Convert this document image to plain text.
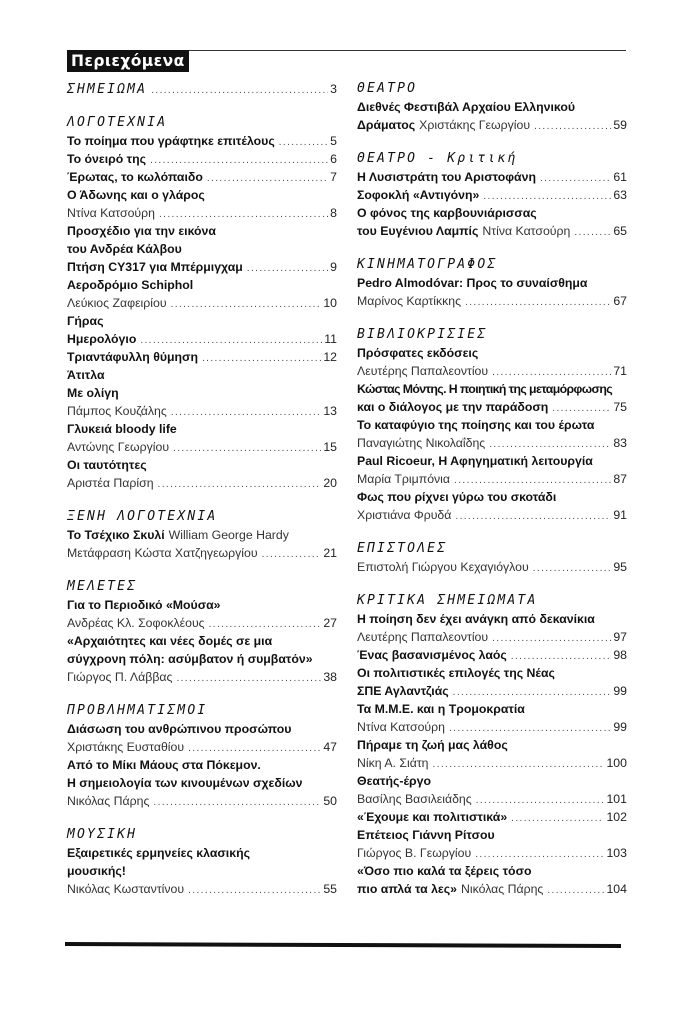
Περιεχόμενα
ΣΗΜΕΙΩΜΑ .....	3
ΛΟΓΟΤΕΧΝΙΑ
Το ποίημα που γράφτηκε επιτέλους .....	5
Το όνειρό της .....	6
Έρωτας, το κωλόπαιδο .....	7
Ο Άδωνης και ο γλάρος
Ντίνα Κατσούρη .....	8
Προσχέδιο για την εικόνα
του Ανδρέα Κάλβου
Πτήση CY317 για Μπέρμιγχαμ .....	9
Αεροδρόμιο Schiphol
Λεύκιος Ζαφειρίου .....	10
Γήρας
Ημερολόγιο .....	11
Τριαντάφυλλη θύμηση .....	12
Άτιτλα
Με ολίγη
Πάμπος Κουζάλης .....	13
Γλυκειά bloody life
Αντώνης Γεωργίου .....	15
Οι ταυτότητες
Αριστέα Παρίση .....	20
ΞΕΝΗ ΛΟΓΟΤΕΧΝΙΑ
Το Τσέχικο Σκυλί William George Hardy
Μετάφραση Κώστα Χατζηγεωργίου .....	21
ΜΕΛΕΤΕΣ
Για το Περιοδικό «Μούσα»
Ανδρέας Κλ. Σοφοκλέους .....	27
«Αρχαιότητες και νέες δομές σε μια
σύγχρονη πόλη: ασύμβατον ή συμβατόν»
Γιώργος Π. Λάββας .....	38
ΠΡΟΒΛΗΜΑΤΙΣΜΟΙ
Διάσωση του ανθρώπινου προσώπου
Χριστάκης Ευσταθίου .....	47
Από το Μίκι Μάους στα Πόκεμον.
Η σημειολογία των κινουμένων σχεδίων
Νικόλας Πάρης .....	50
ΜΟΥΣΙΚΗ
Εξαιρετικές ερμηνείες κλασικής
μουσικής!
Νικόλας Κωσταντίνου .....	55
ΘΕΑΤΡΟ
Διεθνές Φεστιβάλ Αρχαίου Ελληνικού
Δράματος Χριστάκης Γεωργίου .....	59
ΘΕΑΤΡΟ - Κριτική
Η Λυσιστράτη του Αριστοφάνη .....	61
Σοφοκλή «Αντιγόνη» .....	63
Ο φόνος της καρβουνιάρισσας
του Ευγένιου Λαμπίς Ντίνα Κατσούρη .....	65
ΚΙΝΗΜΑΤΟΓΡΑΦΟΣ
Pedro Almodóvar: Προς το συναίσθημα
Μαρίνος Καρτίκκης .....	67
ΒΙΒΛΙΟΚΡΙΣΙΕΣ
Πρόσφατες εκδόσεις
Λευτέρης Παπαλεοντίου .....	71
Κώστας Μόντης. Η ποιητική της μεταμόρφωσης
και ο διάλογος με την παράδοση .....	75
Το καταφύγιο της ποίησης και του έρωτα
Παναγιώτης Νικολαΐδης .....	83
Paul Ricoeur, Η Αφηγηματική λειτουργία
Μαρία Τριμπόνια .....	87
Φως που ρίχνει γύρω του σκοτάδι
Χριστιάνα Φρυδά .....	91
ΕΠΙΣΤΟΛΕΣ
Επιστολή Γιώργου Κεχαγιόγλου .....	95
ΚΡΙΤΙΚΑ ΣΗΜΕΙΩΜΑΤΑ
Η ποίηση δεν έχει ανάγκη από δεκανίκια
Λευτέρης Παπαλεοντίου .....	97
Ένας βασανισμένος λαός .....	98
Οι πολιτιστικές επιλογές της Νέας
ΣΠΕ Αγλαντζιάς .....	99
Τα Μ.Μ.Ε. και η Τρομοκρατία
Ντίνα Κατσούρη .....	99
Πήραμε τη ζωή μας λάθος
Νίκη Α. Σιάτη .....	100
Θεατής-έργο
Βασίλης Βασιλειάδης .....	101
«Έχουμε και πολιτιστικά» .....	102
Επέτειος Γιάννη Ρίτσου
Γιώργος Β. Γεωργίου .....	103
«Όσο πιο καλά τα ξέρεις τόσο
πιο απλά τα λες» Νικόλας Πάρης .....	104
